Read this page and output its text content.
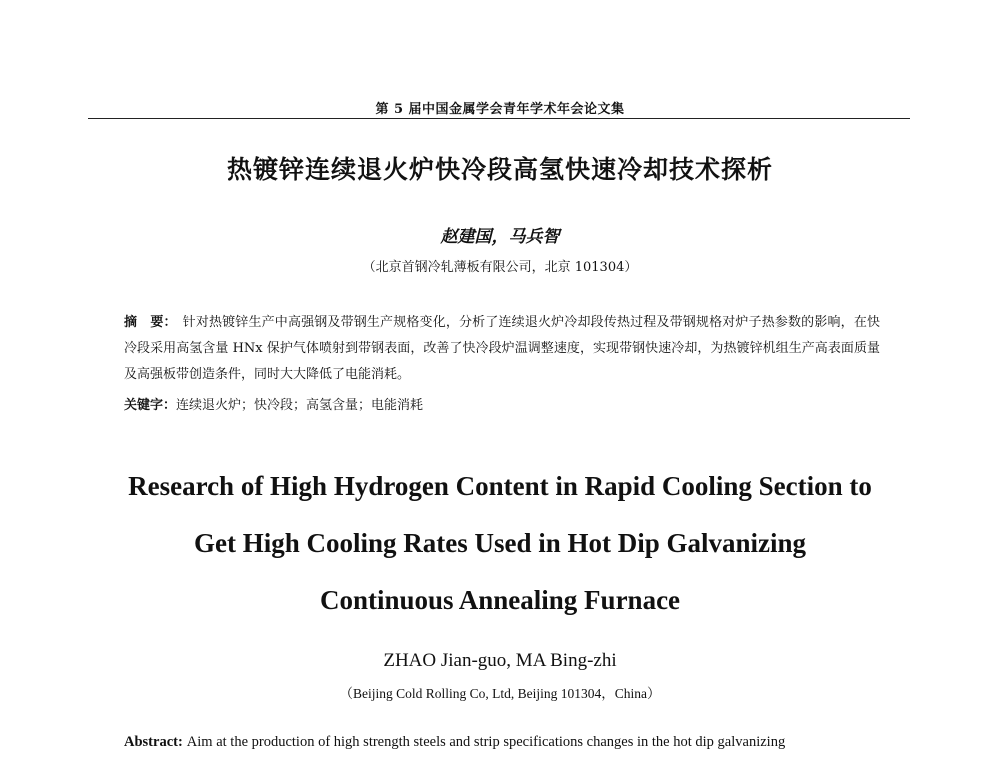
第 5 届中国金属学会青年学术年会论文集
热镀锌连续退火炉快冷段高氢快速冷却技术探析
赵建国，马兵智
（北京首钢冷轧薄板有限公司，北京 101304）
摘　要： 针对热镀锌生产中高强钢及带钢生产规格变化，分析了连续退火炉冷却段传热过程及带钢规格对炉子热参数的影响，在快冷段采用高氢含量 HNx 保护气体喷射到带钢表面，改善了快冷段炉温调整速度，实现带钢快速冷却，为热镀锌机组生产高表面质量及高强板带创造条件，同时大大降低了电能消耗。
关键字：连续退火炉；快冷段；高氢含量；电能消耗
Research of High Hydrogen Content in Rapid Cooling Section to
Get High Cooling Rates Used in Hot Dip Galvanizing
Continuous Annealing Furnace
ZHAO Jian-guo, MA Bing-zhi
（Beijing Cold Rolling Co, Ltd, Beijing 101304，China）
Abstract: Aim at the production of high strength steels and strip specifications changes in the hot dip galvanizing
